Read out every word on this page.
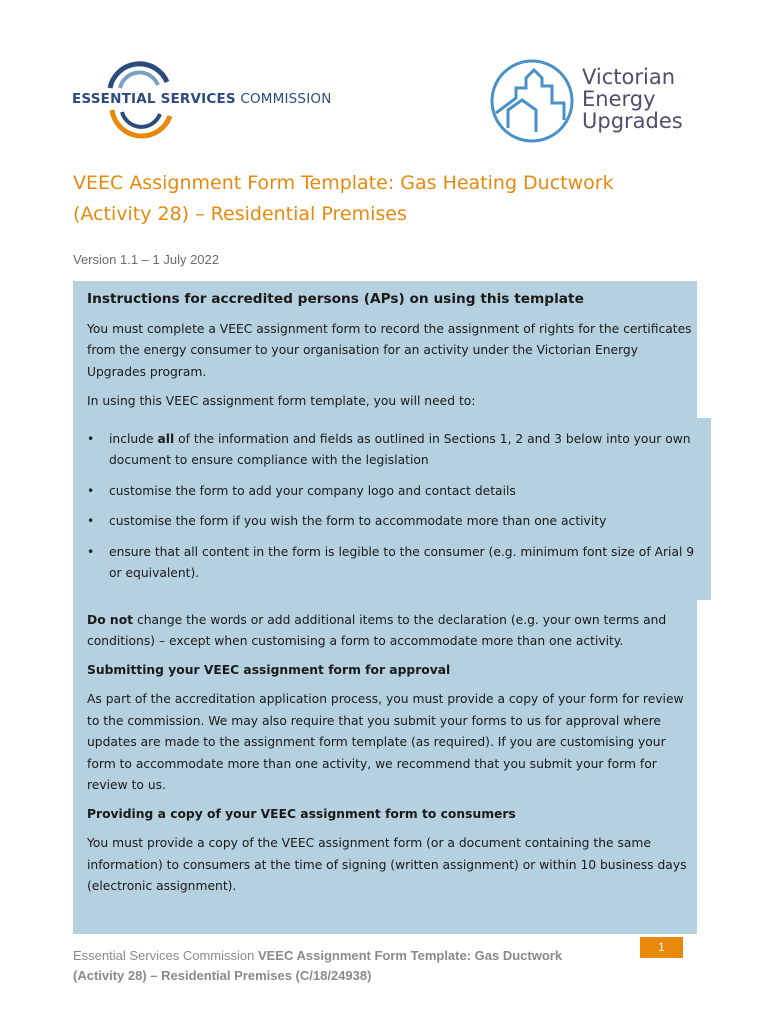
ESSENTIAL SERVICES COMMISSION
Victorian
Energy
Upgrades
VEEC Assignment Form Template: Gas Heating Ductwork (Activity 28) – Residential Premises
Version 1.1 – 1 July 2022

Instructions for accredited persons (APs) on using this template

You must complete a VEEC assignment form to record the assignment of rights for the certificates from the energy consumer to your organisation for an activity under the Victorian Energy Upgrades program.

In using this VEEC assignment form template, you will need to:

• include all of the information and fields as outlined in Sections 1, 2 and 3 below into your own document to ensure compliance with the legislation
• customise the form to add your company logo and contact details
• customise the form if you wish the form to accommodate more than one activity
• ensure that all content in the form is legible to the consumer (e.g. minimum font size of Arial 9 or equivalent).

Do not change the words or add additional items to the declaration (e.g. your own terms and conditions) – except when customising a form to accommodate more than one activity.

Submitting your VEEC assignment form for approval

As part of the accreditation application process, you must provide a copy of your form for review to the commission. We may also require that you submit your forms to us for approval where updates are made to the assignment form template (as required). If you are customising your form to accommodate more than one activity, we recommend that you submit your form for review to us.

Providing a copy of your VEEC assignment form to consumers

You must provide a copy of the VEEC assignment form (or a document containing the same information) to consumers at the time of signing (written assignment) or within 10 business days (electronic assignment).

Essential Services Commission VEEC Assignment Form Template: Gas Ductwork (Activity 28) – Residential Premises (C/18/24938)
1
